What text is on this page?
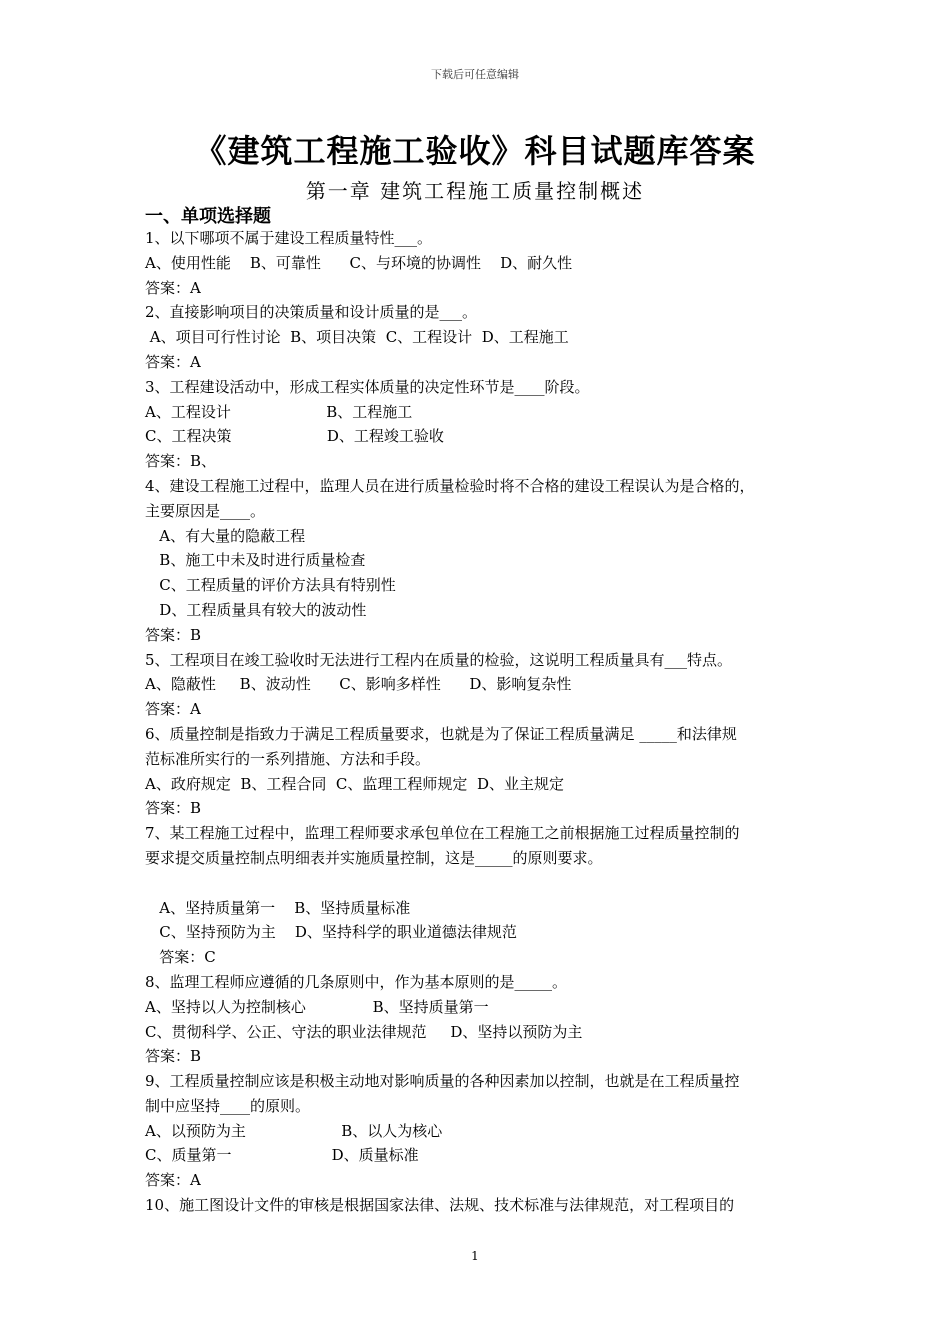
下载后可任意编辑
《建筑工程施工验收》科目试题库答案
第一章 建筑工程施工质量控制概述
一、单项选择题
1、以下哪项不属于建设工程质量特性___。
A、使用性能    B、可靠性      C、与环境的协调性    D、耐久性
答案：A
2、直接影响项目的决策质量和设计质量的是___。
A、项目可行性讨论  B、项目决策  C、工程设计  D、工程施工
答案：A
3、工程建设活动中，形成工程实体质量的决定性环节是____阶段。
A、工程设计                    B、工程施工
C、工程决策                    D、工程竣工验收
答案：B、
4、建设工程施工过程中，监理人员在进行质量检验时将不合格的建设工程误认为是合格的，
主要原因是____。
A、有大量的隐蔽工程
B、施工中未及时进行质量检查
C、工程质量的评价方法具有特别性
D、工程质量具有较大的波动性
答案：B
5、工程项目在竣工验收时无法进行工程内在质量的检验，这说明工程质量具有___特点。
A、隐蔽性     B、波动性      C、影响多样性      D、影响复杂性
答案：A
6、质量控制是指致力于满足工程质量要求，也就是为了保证工程质量满足 _____和法律规
范标准所实行的一系列措施、方法和手段。
A、政府规定  B、工程合同  C、监理工程师规定  D、业主规定
答案：B
7、某工程施工过程中，监理工程师要求承包单位在工程施工之前根据施工过程质量控制的
要求提交质量控制点明细表并实施质量控制，这是_____的原则要求。
A、坚持质量第一    B、坚持质量标准
C、坚持预防为主    D、坚持科学的职业道德法律规范
答案：C
8、监理工程师应遵循的几条原则中，作为基本原则的是_____。
A、坚持以人为控制核心              B、坚持质量第一
C、贯彻科学、公正、守法的职业法律规范     D、坚持以预防为主
答案：B
9、工程质量控制应该是积极主动地对影响质量的各种因素加以控制，也就是在工程质量控
制中应坚持____的原则。
A、以预防为主                    B、以人为核心
C、质量第一                     D、质量标准
答案：A
10、施工图设计文件的审核是根据国家法律、法规、技术标准与法律规范，对工程项目的
1
